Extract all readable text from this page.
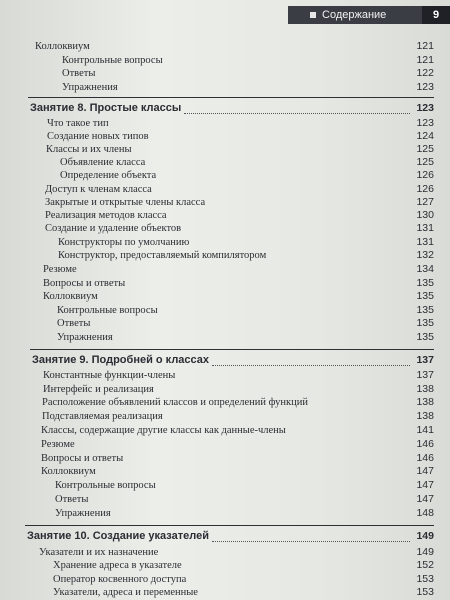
Содержание	9
Коллоквиум	121
Контрольные вопросы	121
Ответы	122
Упражнения	123
Занятие 8. Простые классы	123
Что такое тип	123
Создание новых типов	124
Классы и их члены	125
Объявление класса	125
Определение объекта	126
Доступ к членам класса	126
Закрытые и открытые члены класса	127
Реализация методов класса	130
Создание и удаление объектов	131
Конструкторы по умолчанию	131
Конструктор, предоставляемый компилятором	132
Резюме	134
Вопросы и ответы	135
Коллоквиум	135
Контрольные вопросы	135
Ответы	135
Упражнения	135
Занятие 9. Подробней о классах	137
Константные функции-члены	137
Интерфейс и реализация	138
Расположение объявлений классов и определений функций	138
Подставляемая реализация	138
Классы, содержащие другие классы как данные-члены	141
Резюме	146
Вопросы и ответы	146
Коллоквиум	147
Контрольные вопросы	147
Ответы	147
Упражнения	148
Занятие 10. Создание указателей	149
Указатели и их назначение	149
Хранение адреса в указателе	152
Оператор косвенного доступа	153
Указатели, адреса и переменные	153
